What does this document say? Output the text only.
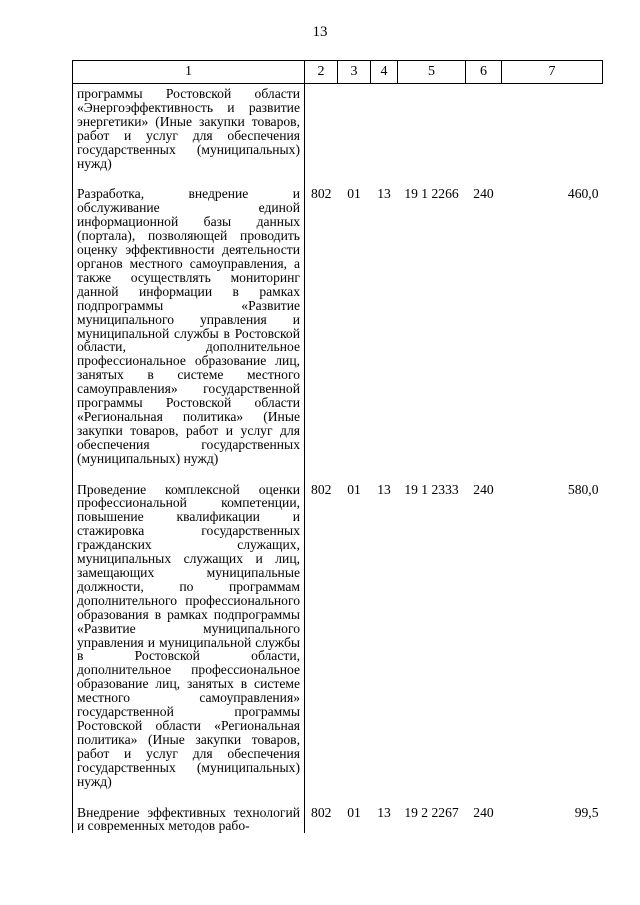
13
1	2	3	4	5	6	7
программы Ростовской области «Энергоэффективность и развитие энергетики» (Иные закупки товаров, работ и услуг для обеспечения государственных (муниципальных) нужд)						

Разработка, внедрение и обслуживание единой информационной базы данных (портала), позволяющей проводить оценку эффективности деятельности органов местного самоуправления, а также осуществлять мониторинг данной информации в рамках подпрограммы «Развитие муниципального управления и муниципальной службы в Ростовской области, дополнительное профессиональное образование лиц, занятых в системе местного самоуправления» государственной программы Ростовской области «Региональная политика» (Иные закупки товаров, работ и услуг для обеспечения государственных (муниципальных) нужд)	802	01	13	19 1 2266	240	460,0

Проведение комплексной оценки профессиональной компетенции, повышение квалификации и стажировка государственных гражданских служащих, муниципальных служащих и лиц, замещающих муниципальные должности, по программам дополнительного профессионального образования в рамках подпрограммы «Развитие муниципального управления и муниципальной службы в Ростовской области, дополнительное профессиональное образование лиц, занятых в системе местного самоуправления» государственной программы Ростовской области «Региональная политика» (Иные закупки товаров, работ и услуг для обеспечения государственных (муниципальных) нужд)	802	01	13	19 1 2333	240	580,0

Внедрение эффективных технологий и современных методов рабо-	802	01	13	19 2 2267	240	99,5
